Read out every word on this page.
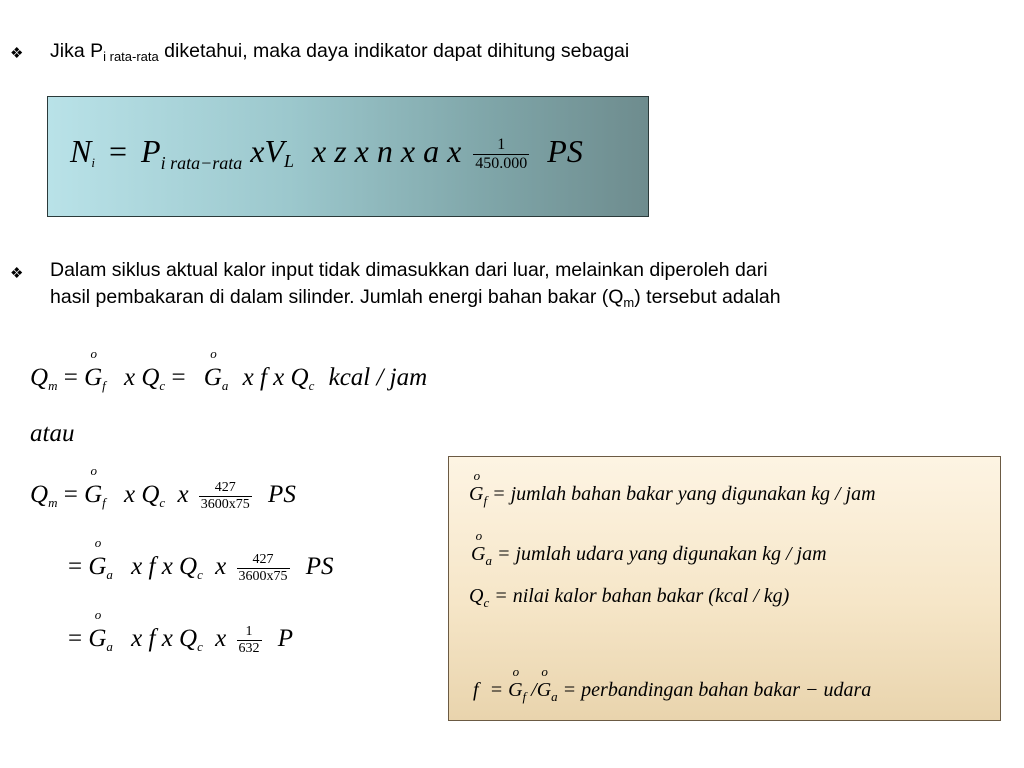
❖ Jika $P_{i rata-rata}$ diketahui, maka daya indikator dapat dihitung sebagai
$Ni = P_{i rata-rata}$ xVL x z x n x a x $\frac{1}{450.000}$ PS
❖ Dalam siklus aktual kalor input tidak dimasukkan dari luar, melainkan diperoleh dari
hasil pembakaran di dalam silinder. Jumlah energi bahan bakar $(Q_m)$ tersebut adalah
$Q_m$ =
o
$G_f$ x $Q_c$ =
o
$G_a$ x f x $Q_c$ kcal / jam
atau
$Q_m$ =
o
$G_f$ x $Q_c$ x $\frac{427}{3600x75}$ PS
=
o
$G_a$ x f x $Q_c$ x $\frac{427}{3600x75}$ PS
=
o
$G_a$ x f x $Q_c$ x $\frac{1}{632}$ P
o
$G_f$ = jumlah bahan bakar yang digunakan kg / jam
o
$G_a$ = jumlah udara yang digunakan kg / jam
$Q_c$ = nilai kalor bahan bakar (kcal / kg)
f =
o
$G_f$ /
o
$G_a$ = perbandingan bahan bakar − udara
